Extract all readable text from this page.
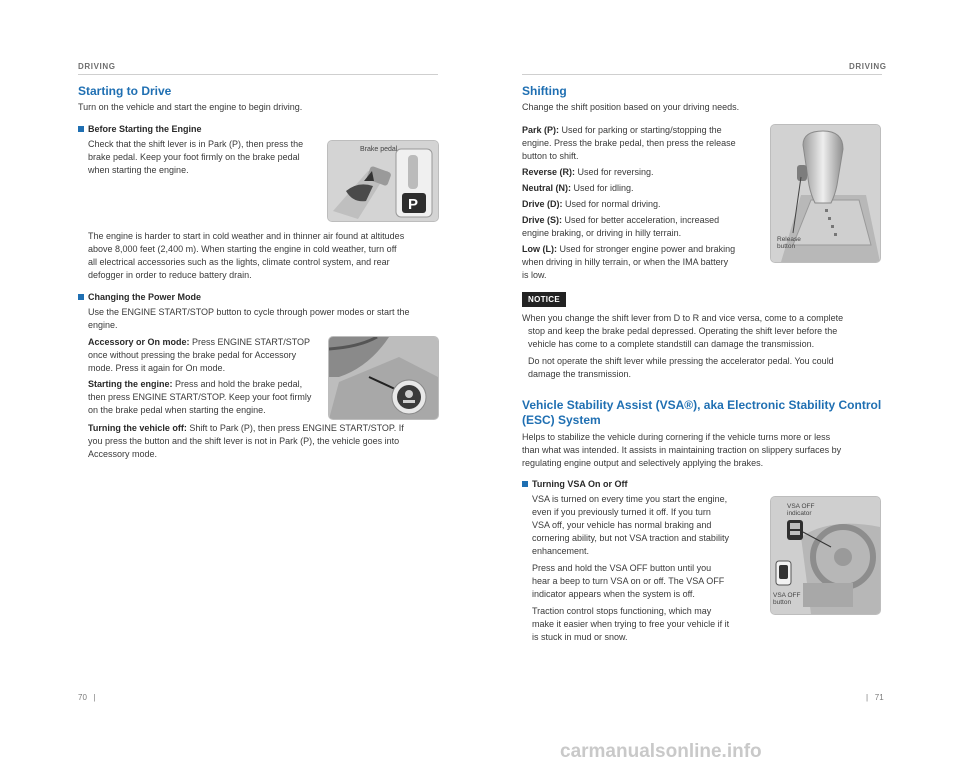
DRIVING
Starting to Drive

Turn on the vehicle and start the engine to begin driving.

Before Starting the Engine

Check that the shift lever is in Park (P), then press the

brake pedal. Keep your foot firmly on the brake pedal

when starting the engine.

Brake pedal
P

The engine is harder to start in cold weather and in thinner air found at altitudes

above 8,000 feet (2,400 m). When starting the engine in cold weather, turn off

all electrical accessories such as the lights, climate control system, and rear

defogger in order to reduce battery drain.

Changing the Power Mode

Use the ENGINE START/STOP button to cycle through power modes or start the

engine.

Accessory or On mode: Press ENGINE START/STOP

once without pressing the brake pedal for Accessory

mode. Press it again for On mode.

Starting the engine: Press and hold the brake pedal,

then press ENGINE START/STOP. Keep your foot firmly

on the brake pedal when starting the engine.

Turning the vehicle off: Shift to Park (P), then press ENGINE START/STOP. If

you press the button and the shift lever is not in Park (P), the vehicle goes into

Accessory mode.

70   |
DRIVING
Shifting

Change the shift position based on your driving needs.

Park (P): Used for parking or starting/stopping the

engine. Press the brake pedal, then press the release

button to shift.

Reverse (R): Used for reversing.

Neutral (N): Used for idling.

Drive (D): Used for normal driving.

Drive (S): Used for better acceleration, increased

engine braking, or driving in hilly terrain.

Low (L): Used for stronger engine power and braking

when driving in hilly terrain, or when the IMA battery

is low.

Release
button
NOTICE

When you change the shift lever from D to R and vice versa, come to a complete

stop and keep the brake pedal depressed. Operating the shift lever before the

vehicle has come to a complete standstill can damage the transmission.

Do not operate the shift lever while pressing the accelerator pedal. You could

damage the transmission.

Vehicle Stability Assist (VSA®), aka Electronic Stability Control
(ESC) System

Helps to stabilize the vehicle during cornering if the vehicle turns more or less

than what was intended. It assists in maintaining traction on slippery surfaces by

regulating engine output and selectively applying the brakes.

Turning VSA On or Off

VSA is turned on every time you start the engine,

even if you previously turned it off. If you turn

VSA off, your vehicle has normal braking and

cornering ability, but not VSA traction and stability

enhancement.

Press and hold the VSA OFF button until you

hear a beep to turn VSA on or off. The VSA OFF

indicator appears when the system is off.

Traction control stops functioning, which may

make it easier when trying to free your vehicle if it

is stuck in mud or snow.

VSA OFF
indicator
VSA OFF
button
|   71
carmanualsonline.info
